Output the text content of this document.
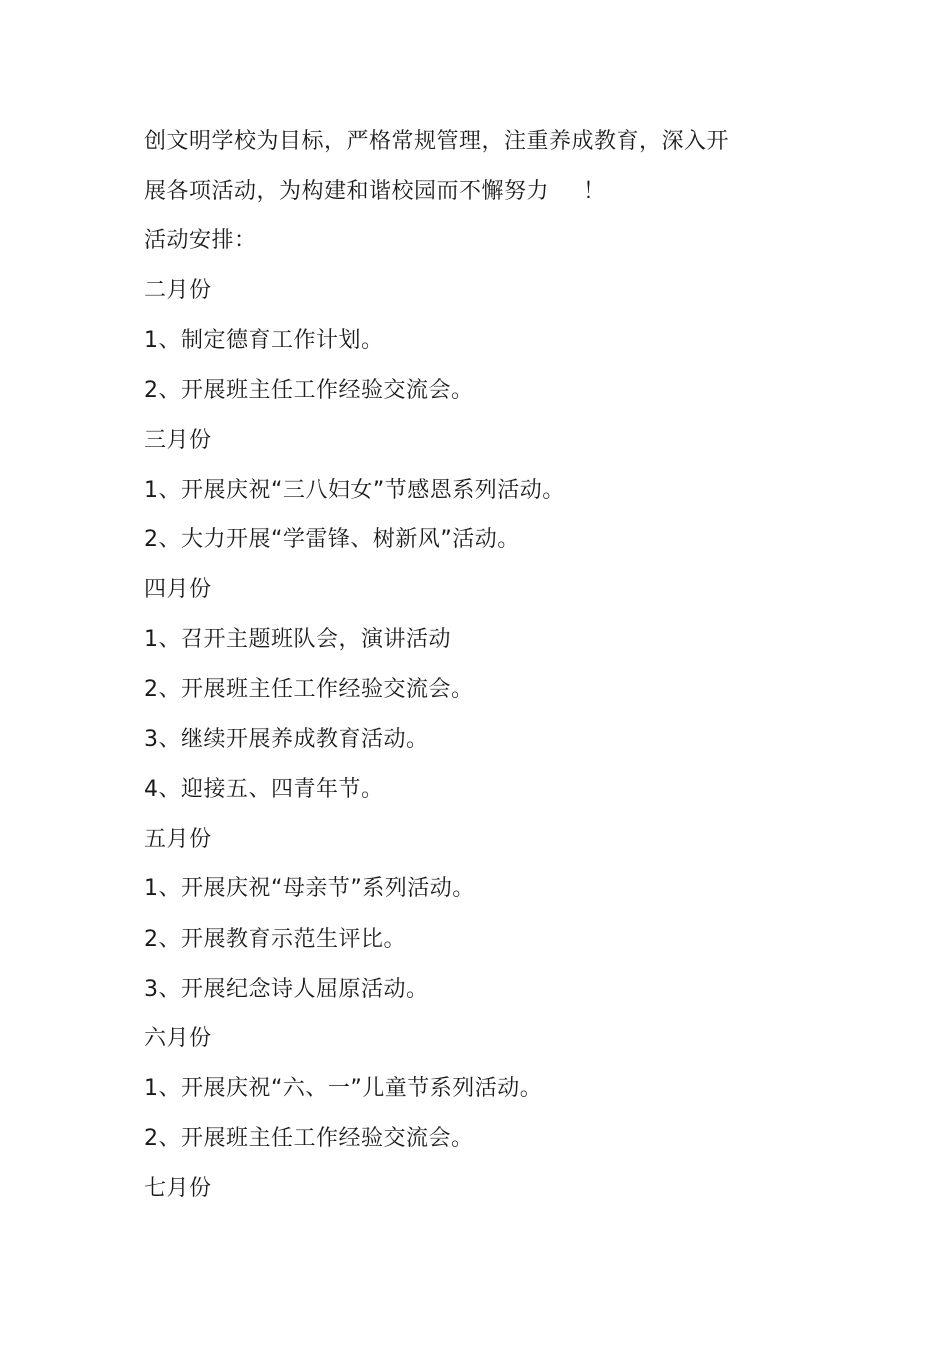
创文明学校为目标，严格常规管理，注重养成教育，深入开
展各项活动，为构建和谐校园而不懈努力 ！
活动安排：
二月份
1、制定德育工作计划。
2、开展班主任工作经验交流会。
三月份
1、开展庆祝“三八妇女”节感恩系列活动。
2、大力开展“学雷锋、树新风”活动。
四月份
1、召开主题班队会，演讲活动
2、开展班主任工作经验交流会。
3、继续开展养成教育活动。
4、迎接五、四青年节。
五月份
1、开展庆祝“母亲节”系列活动。
2、开展教育示范生评比。
3、开展纪念诗人屈原活动。
六月份
1、开展庆祝“六、一”儿童节系列活动。
2、开展班主任工作经验交流会。
七月份
